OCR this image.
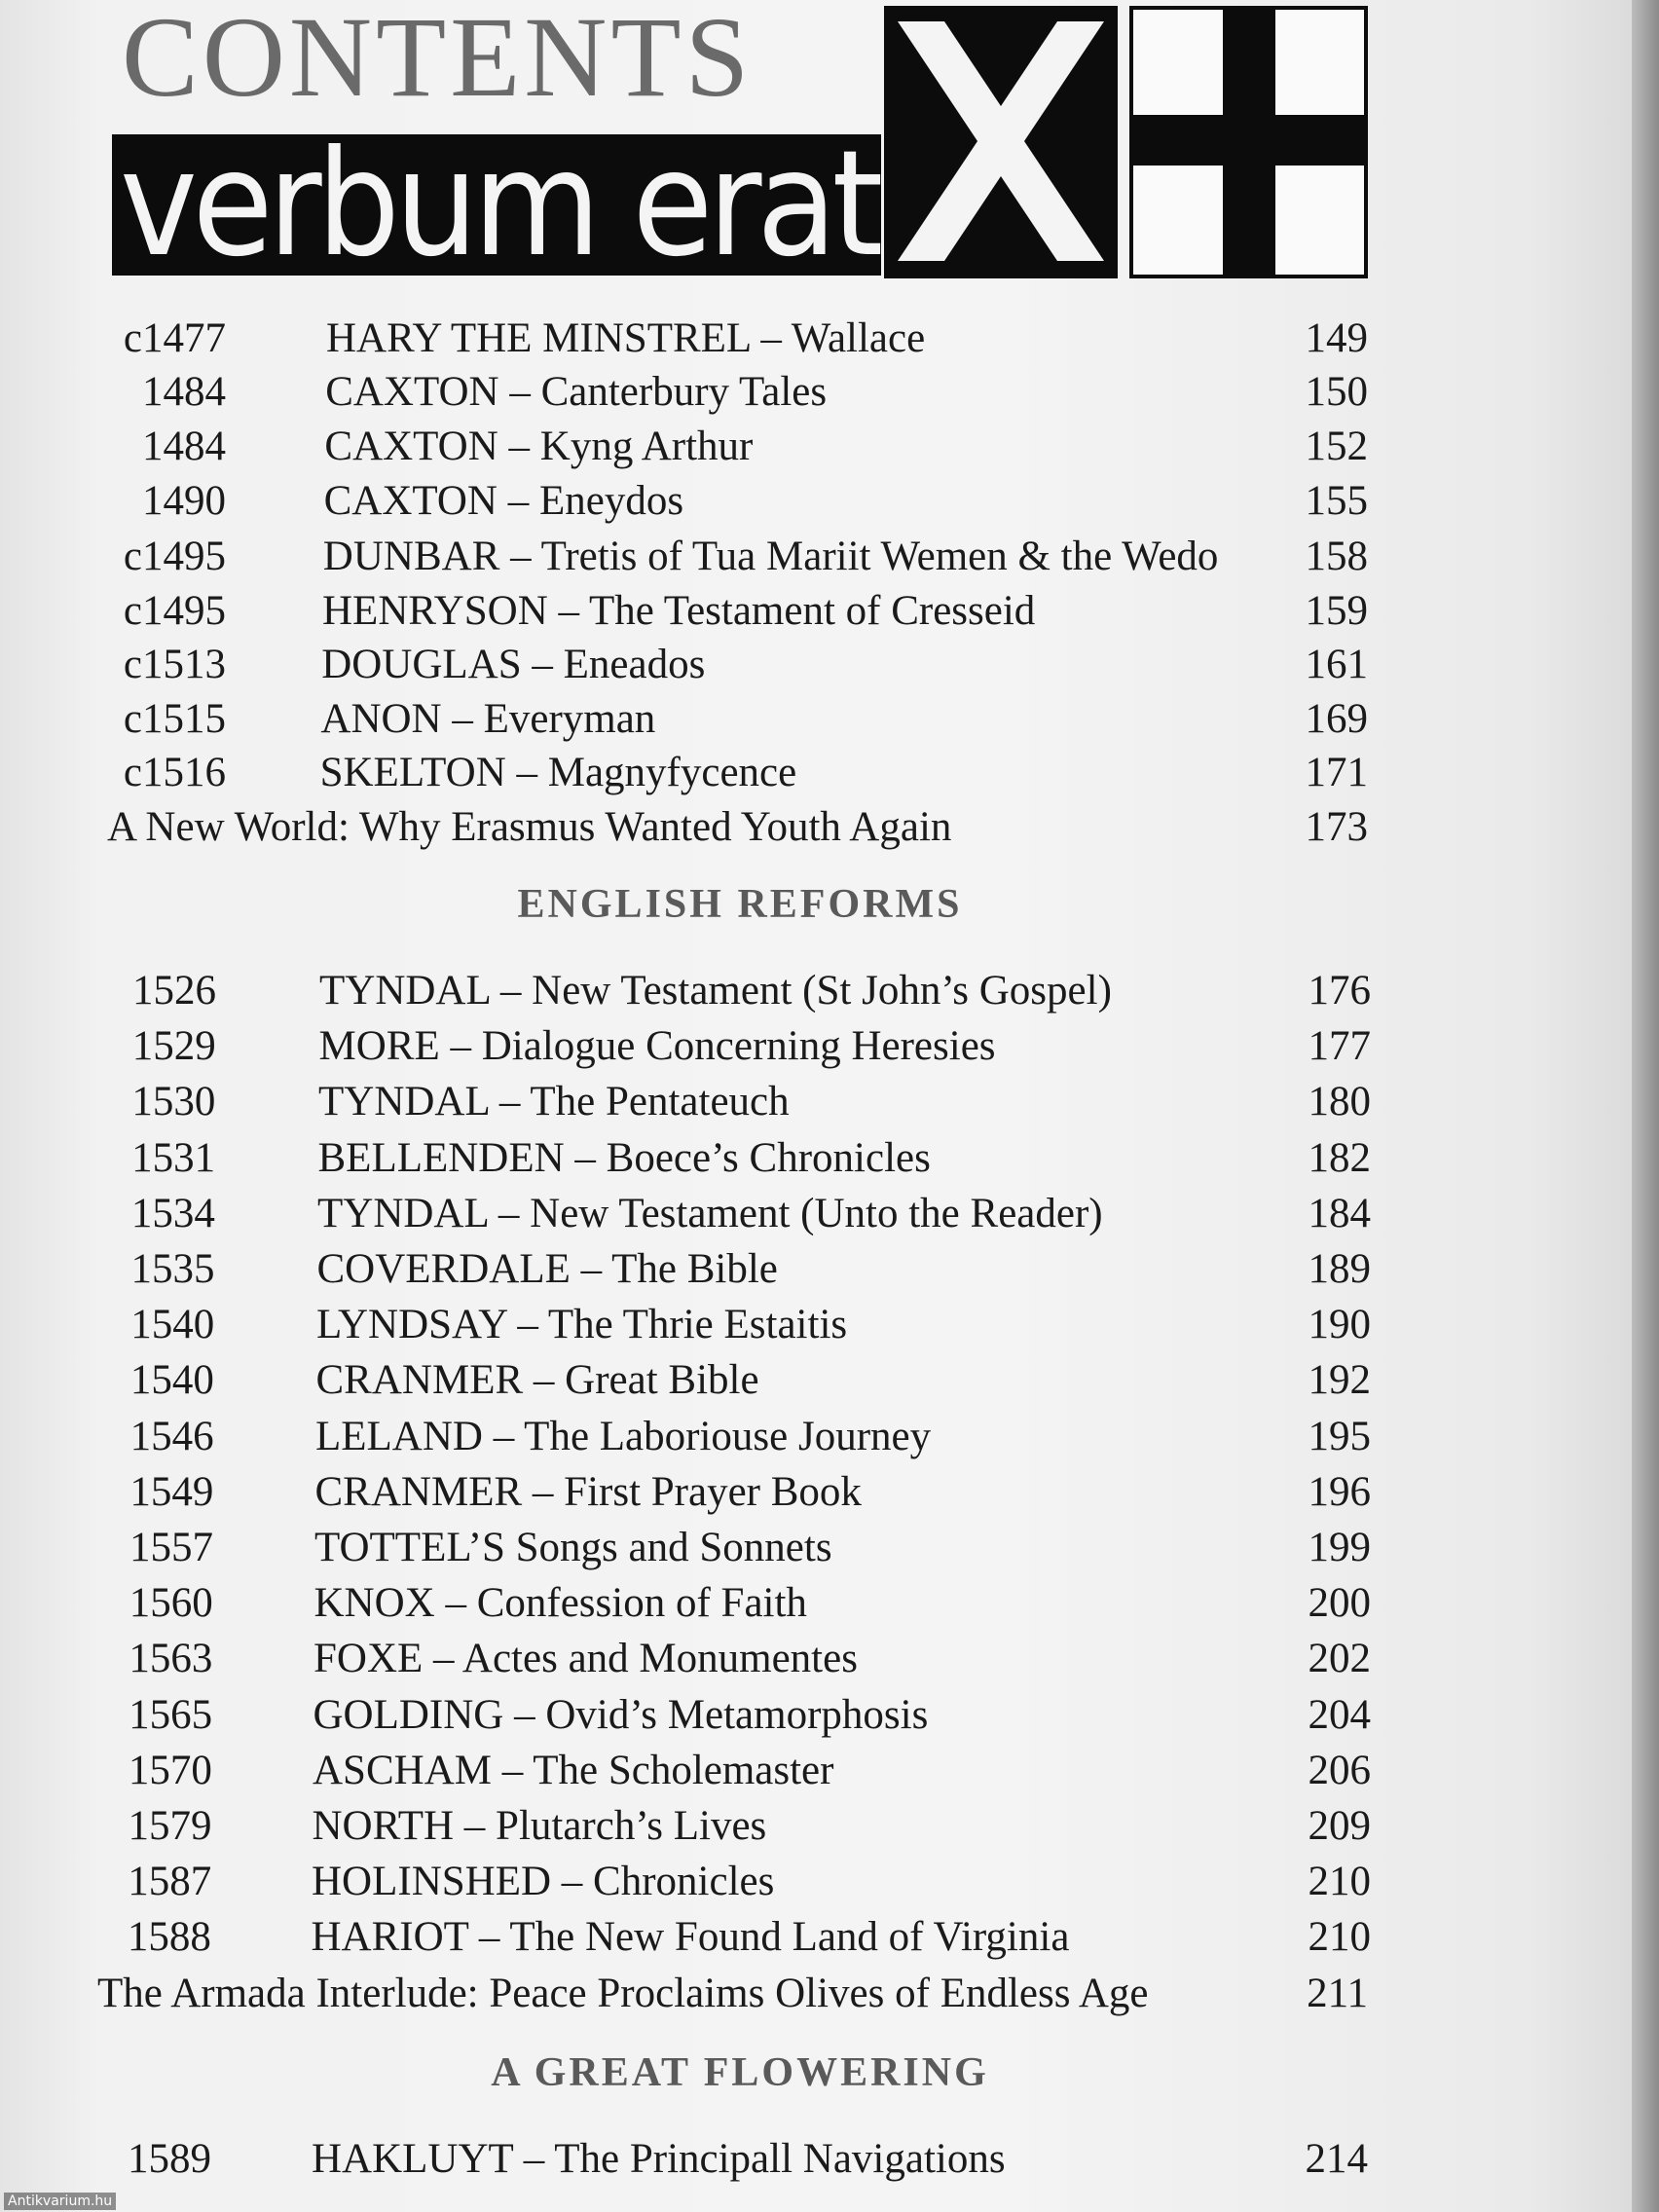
CONTENTS
verbum erat
c1477 HARY THE MINSTREL – Wallace	149
1484 CAXTON – Canterbury Tales	150
1484 CAXTON – Kyng Arthur	152
1490 CAXTON – Eneydos	155
c1495 DUNBAR – Tretis of Tua Mariit Wemen & the Wedo	158
c1495 HENRYSON – The Testament of Cresseid	159
c1513 DOUGLAS – Eneados	161
c1515 ANON – Everyman	169
c1516 SKELTON – Magnyfycence	171
A New World: Why Erasmus Wanted Youth Again	173
ENGLISH REFORMS
1526 TYNDAL – New Testament (St John’s Gospel)	176
1529 MORE – Dialogue Concerning Heresies	177
1530 TYNDAL – The Pentateuch	180
1531 BELLENDEN – Boece’s Chronicles	182
1534 TYNDAL – New Testament (Unto the Reader)	184
1535 COVERDALE – The Bible	189
1540 LYNDSAY – The Thrie Estaitis	190
1540 CRANMER – Great Bible	192
1546 LELAND – The Laboriouse Journey	195
1549 CRANMER – First Prayer Book	196
1557 TOTTEL’S Songs and Sonnets	199
1560 KNOX – Confession of Faith	200
1563 FOXE – Actes and Monumentes	202
1565 GOLDING – Ovid’s Metamorphosis	204
1570 ASCHAM – The Scholemaster	206
1579 NORTH – Plutarch’s Lives	209
1587 HOLINSHED – Chronicles	210
1588 HARIOT – The New Found Land of Virginia	210
The Armada Interlude: Peace Proclaims Olives of Endless Age	211
A GREAT FLOWERING
1589 HAKLUYT – The Principall Navigations	214
Antikvarium.hu
